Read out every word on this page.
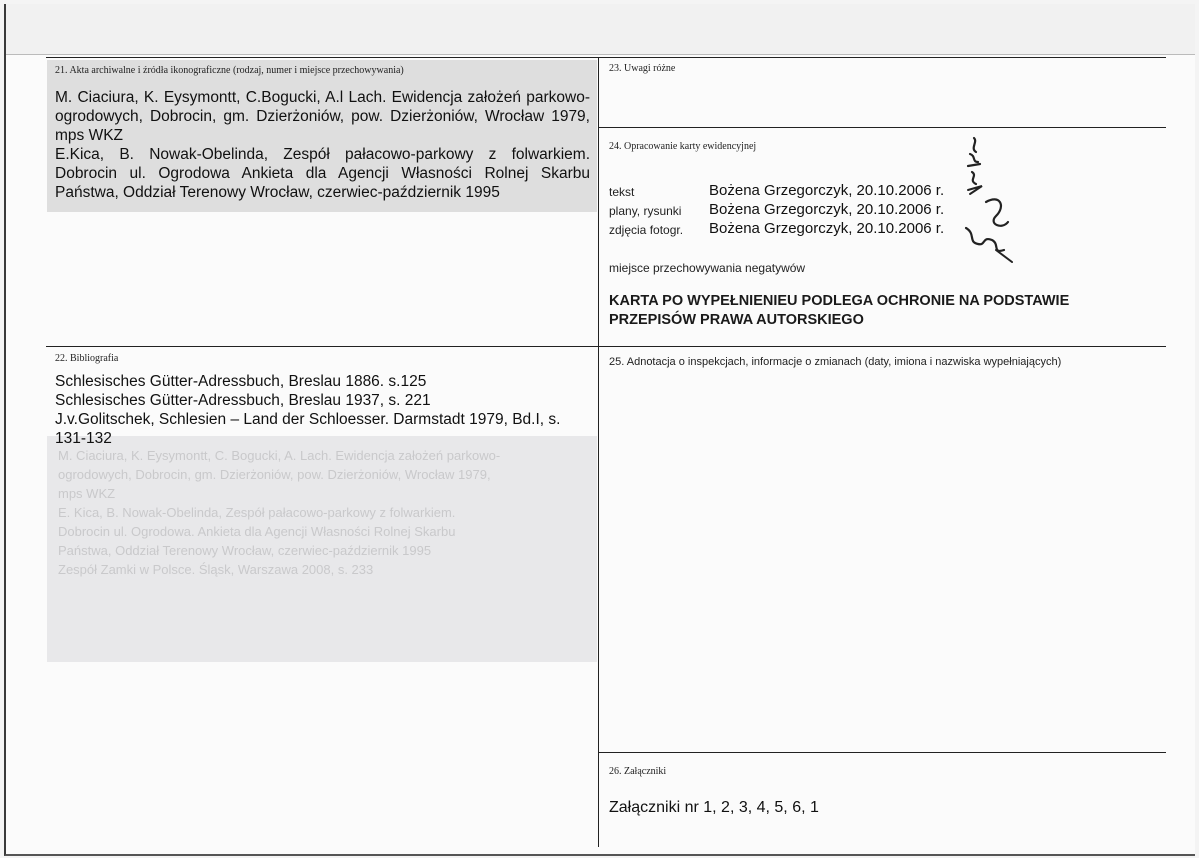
21. Akta archiwalne i źródła ikonograficzne (rodzaj, numer i miejsce przechowywania)

M. Ciaciura, K. Eysymontt, C.Bogucki, A.l Lach. Ewidencja założeń parkowo-ogrodowych, Dobrocin, gm. Dzierżoniów, pow. Dzierżoniów, Wrocław 1979, mps WKZ

E.Kica, B. Nowak-Obelinda, Zespół pałacowo-parkowy z folwarkiem. Dobrocin ul. Ogrodowa Ankieta dla Agencji Własności Rolnej Skarbu Państwa, Oddział Terenowy Wrocław, czerwiec-październik 1995

22. Bibliografia

M. Ciaciura, K. Eysymontt, C. Bogucki, A. Lach. Ewidencja założeń parkowo-

ogrodowych, Dobrocin, gm. Dzierżoniów, pow. Dzierżoniów, Wrocław 1979,

mps WKZ

E. Kica, B. Nowak-Obelinda, Zespół pałacowo-parkowy z folwarkiem.

Dobrocin ul. Ogrodowa. Ankieta dla Agencji Własności Rolnej Skarbu

Państwa, Oddział Terenowy Wrocław, czerwiec-październik 1995

Zespół Zamki w Polsce. Śląsk, Warszawa 2008, s. 233

Schlesisches Gütter-Adressbuch, Breslau 1886. s.125

Schlesisches Gütter-Adressbuch, Breslau 1937, s. 221

J.v.Golitschek, Schlesien – Land der Schloesser. Darmstadt 1979, Bd.I, s. 131-132

23. Uwagi różne
24. Opracowanie karty ewidencyjnej
tekst	Bożena Grzegorczyk, 20.10.2006 r.
plany, rysunki Bożena Grzegorczyk, 20.10.2006 r.
zdjęcia fotogr. Bożena Grzegorczyk, 20.10.2006 r.
miejsce przechowywania negatywów

KARTA PO WYPEŁNIENIEU PODLEGA OCHRONIE NA PODSTAWIE

PRZEPISÓW PRAWA AUTORSKIEGO

25. Adnotacja o inspekcjach, informacje o zmianach (daty, imiona i nazwiska wypełniających)
26. Załączniki
Załączniki nr 1, 2, 3, 4, 5, 6, 1
